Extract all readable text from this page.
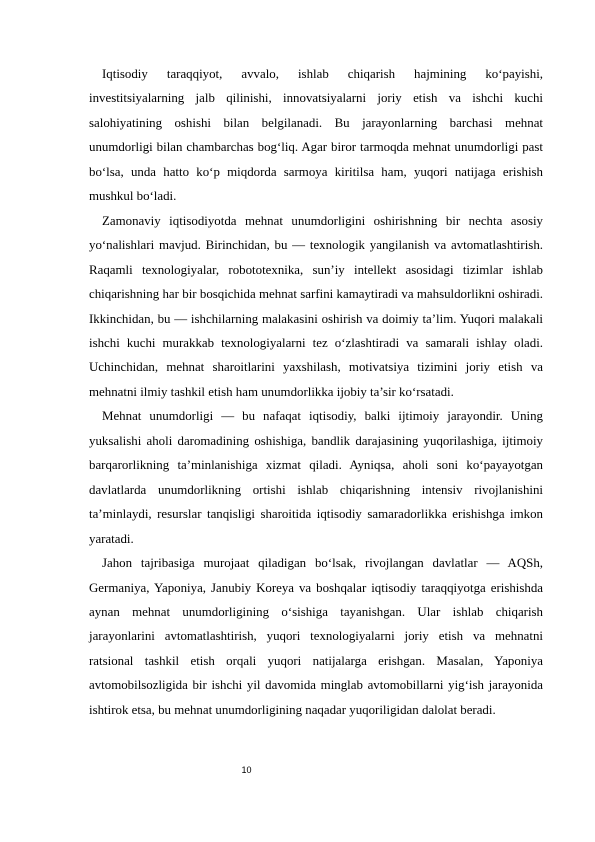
Iqtisodiy taraqqiyot, avvalo, ishlab chiqarish hajmining ko‘payishi, investitsiyalarning jalb qilinishi, innovatsiyalarni joriy etish va ishchi kuchi salohiyatining oshishi bilan belgilanadi. Bu jarayonlarning barchasi mehnat unumdorligi bilan chambarchas bog‘liq. Agar biror tarmoqda mehnat unumdorligi past bo‘lsa, unda hatto ko‘p miqdorda sarmoya kiritilsa ham, yuqori natijaga erishish mushkul bo‘ladi.

Zamonaviy iqtisodiyotda mehnat unumdorligini oshirishning bir nechta asosiy yo‘nalishlari mavjud. Birinchidan, bu — texnologik yangilanish va avtomatlashtirish. Raqamli texnologiyalar, robototexnika, sun’iy intellekt asosidagi tizimlar ishlab chiqarishning har bir bosqichida mehnat sarfini kamaytiradi va mahsuldorlikni oshiradi. Ikkinchidan, bu — ishchilarning malakasini oshirish va doimiy ta’lim. Yuqori malakali ishchi kuchi murakkab texnologiyalarni tez o‘zlashtiradi va samarali ishlay oladi. Uchinchidan, mehnat sharoitlarini yaxshilash, motivatsiya tizimini joriy etish va mehnatni ilmiy tashkil etish ham unumdorlikka ijobiy ta’sir ko‘rsatadi.

Mehnat unumdorligi — bu nafaqat iqtisodiy, balki ijtimoiy jarayondir. Uning yuksalishi aholi daromadining oshishiga, bandlik darajasining yuqorilashiga, ijtimoiy barqarorlikning ta’minlanishiga xizmat qiladi. Ayniqsa, aholi soni ko‘payayotgan davlatlarda unumdorlikning ortishi ishlab chiqarishning intensiv rivojlanishini ta’minlaydi, resurslar tanqisligi sharoitida iqtisodiy samaradorlikka erishishga imkon yaratadi.

Jahon tajribasiga murojaat qiladigan bo‘lsak, rivojlangan davlatlar — AQSh, Germaniya, Yaponiya, Janubiy Koreya va boshqalar iqtisodiy taraqqiyotga erishishda aynan mehnat unumdorligining o‘sishiga tayanishgan. Ular ishlab chiqarish jarayonlarini avtomatlashtirish, yuqori texnologiyalarni joriy etish va mehnatni ratsional tashkil etish orqali yuqori natijalarga erishgan. Masalan, Yaponiya avtomobilsozligida bir ishchi yil davomida minglab avtomobillarni yig‘ish jarayonida ishtirok etsa, bu mehnat unumdorligining naqadar yuqoriligidan dalolat beradi.

10
